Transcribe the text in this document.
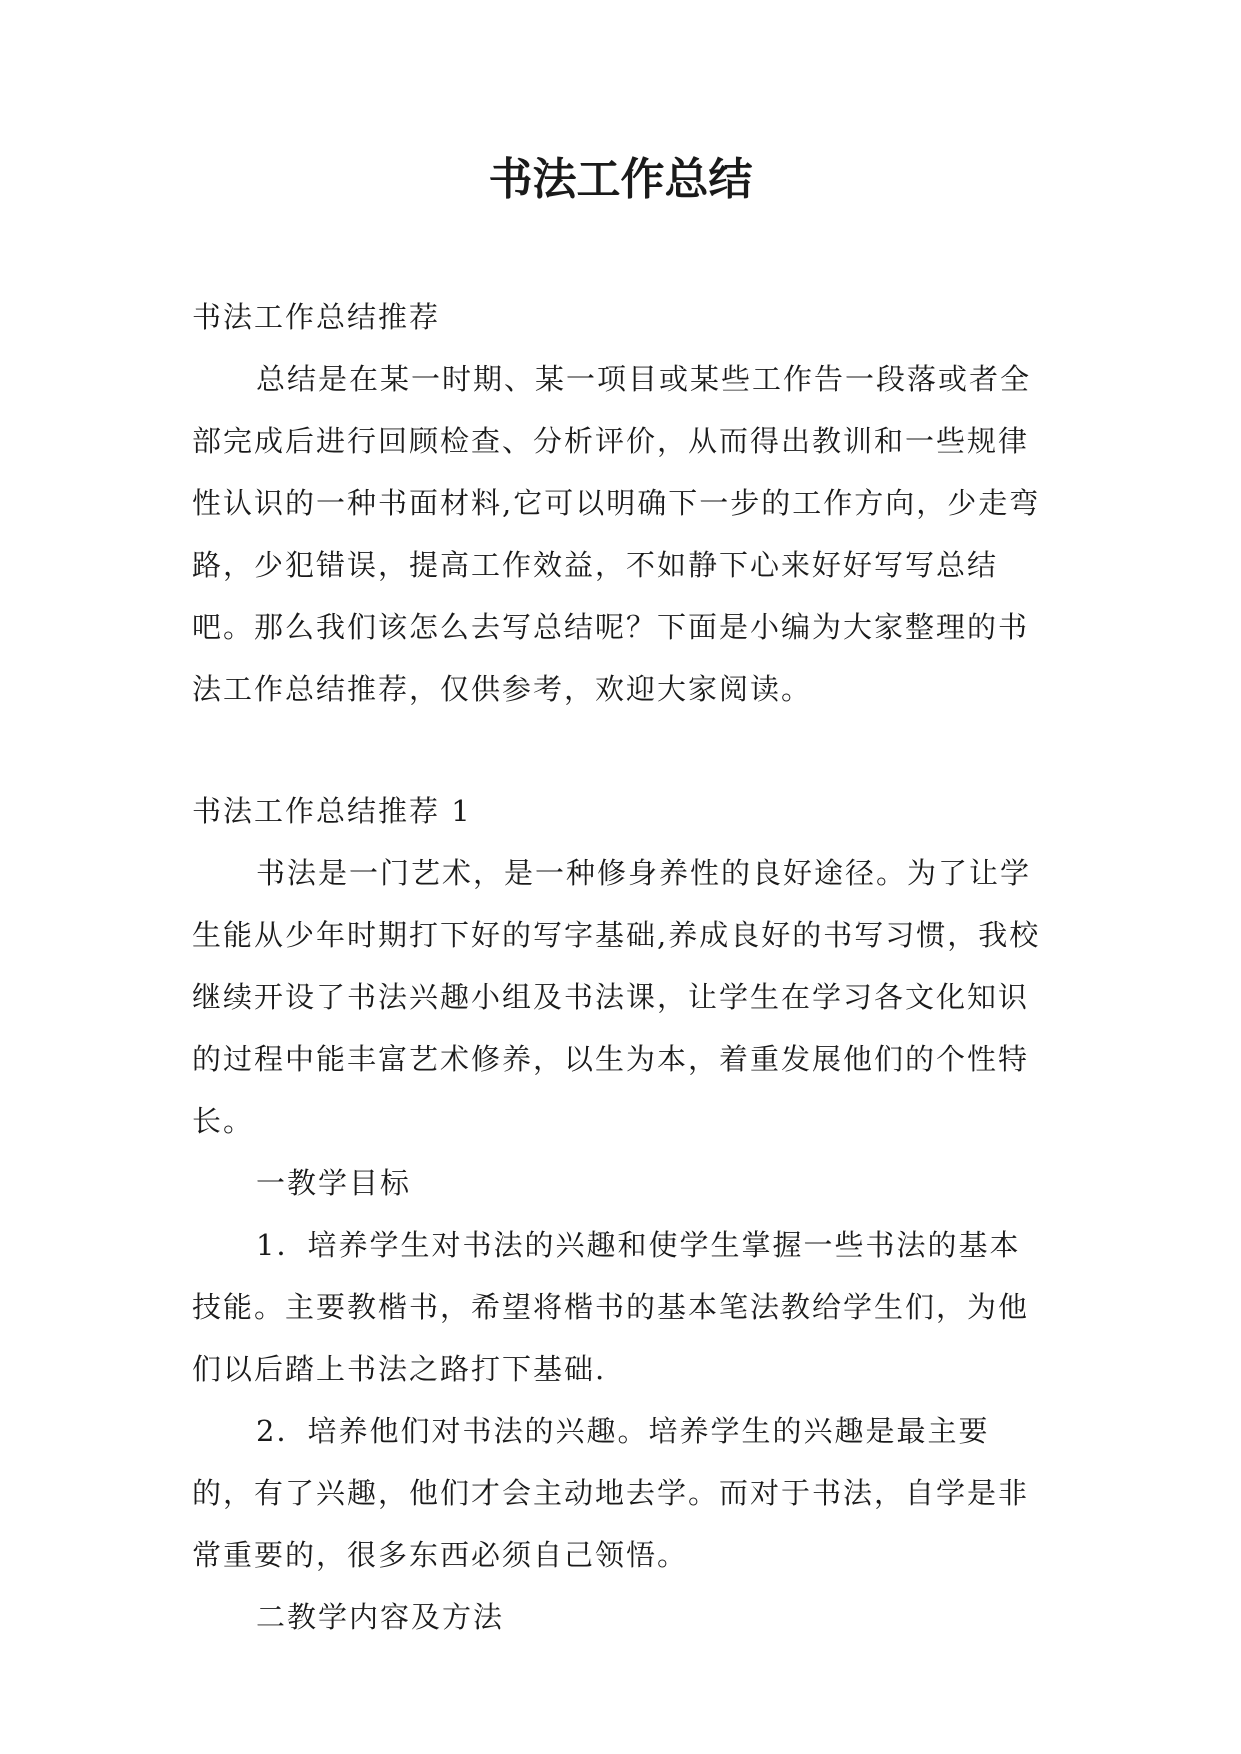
书法工作总结

书法工作总结推荐

总结是在某一时期、某一项目或某些工作告一段落或者全部完成后进行回顾检查、分析评价，从而得出教训和一些规律性认识的一种书面材料,它可以明确下一步的工作方向，少走弯路，少犯错误，提高工作效益，不如静下心来好好写写总结吧。那么我们该怎么去写总结呢？下面是小编为大家整理的书法工作总结推荐，仅供参考，欢迎大家阅读。

书法工作总结推荐 1

书法是一门艺术，是一种修身养性的良好途径。为了让学生能从少年时期打下好的写字基础,养成良好的书写习惯，我校继续开设了书法兴趣小组及书法课，让学生在学习各文化知识的过程中能丰富艺术修养，以生为本，着重发展他们的个性特长。

一教学目标

1．培养学生对书法的兴趣和使学生掌握一些书法的基本技能。主要教楷书，希望将楷书的基本笔法教给学生们，为他们以后踏上书法之路打下基础.

2．培养他们对书法的兴趣。培养学生的兴趣是最主要的，有了兴趣，他们才会主动地去学。而对于书法，自学是非常重要的，很多东西必须自己领悟。

二教学内容及方法
